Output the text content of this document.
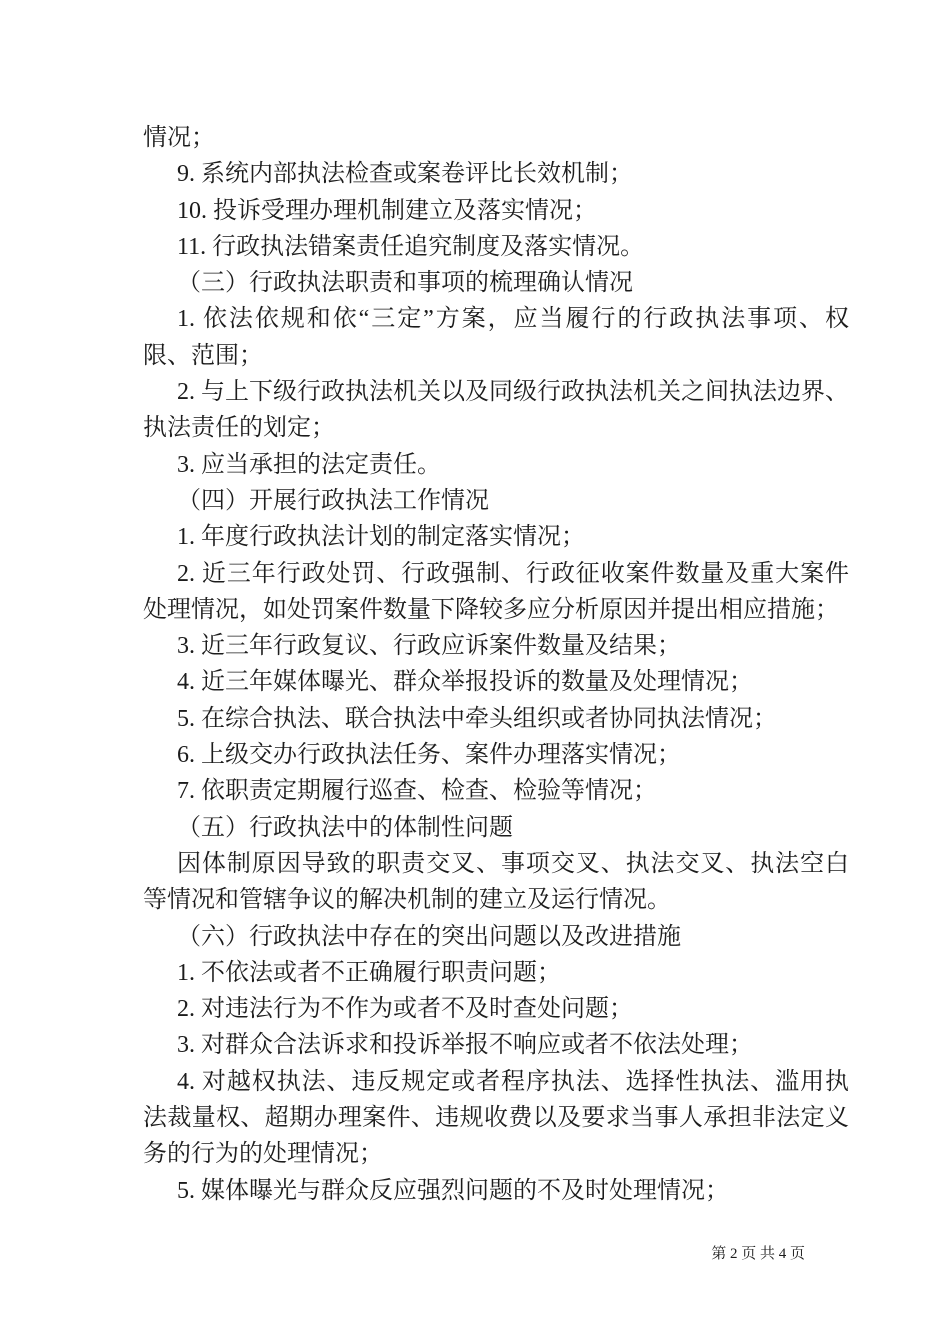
情况；
9. 系统内部执法检查或案卷评比长效机制；
10. 投诉受理办理机制建立及落实情况；
11. 行政执法错案责任追究制度及落实情况。
（三）行政执法职责和事项的梳理确认情况
1. 依法依规和依“三定”方案，应当履行的行政执法事项、权
限、范围；
2. 与上下级行政执法机关以及同级行政执法机关之间执法边界、
执法责任的划定；
3. 应当承担的法定责任。
（四）开展行政执法工作情况
1. 年度行政执法计划的制定落实情况；
2. 近三年行政处罚、行政强制、行政征收案件数量及重大案件
处理情况，如处罚案件数量下降较多应分析原因并提出相应措施；
3. 近三年行政复议、行政应诉案件数量及结果；
4. 近三年媒体曝光、群众举报投诉的数量及处理情况；
5. 在综合执法、联合执法中牵头组织或者协同执法情况；
6. 上级交办行政执法任务、案件办理落实情况；
7. 依职责定期履行巡查、检查、检验等情况；
（五）行政执法中的体制性问题
因体制原因导致的职责交叉、事项交叉、执法交叉、执法空白
等情况和管辖争议的解决机制的建立及运行情况。
（六）行政执法中存在的突出问题以及改进措施
1. 不依法或者不正确履行职责问题；
2. 对违法行为不作为或者不及时查处问题；
3. 对群众合法诉求和投诉举报不响应或者不依法处理；
4. 对越权执法、违反规定或者程序执法、选择性执法、滥用执
法裁量权、超期办理案件、违规收费以及要求当事人承担非法定义
务的行为的处理情况；
5. 媒体曝光与群众反应强烈问题的不及时处理情况；
第 2 页 共 4 页
